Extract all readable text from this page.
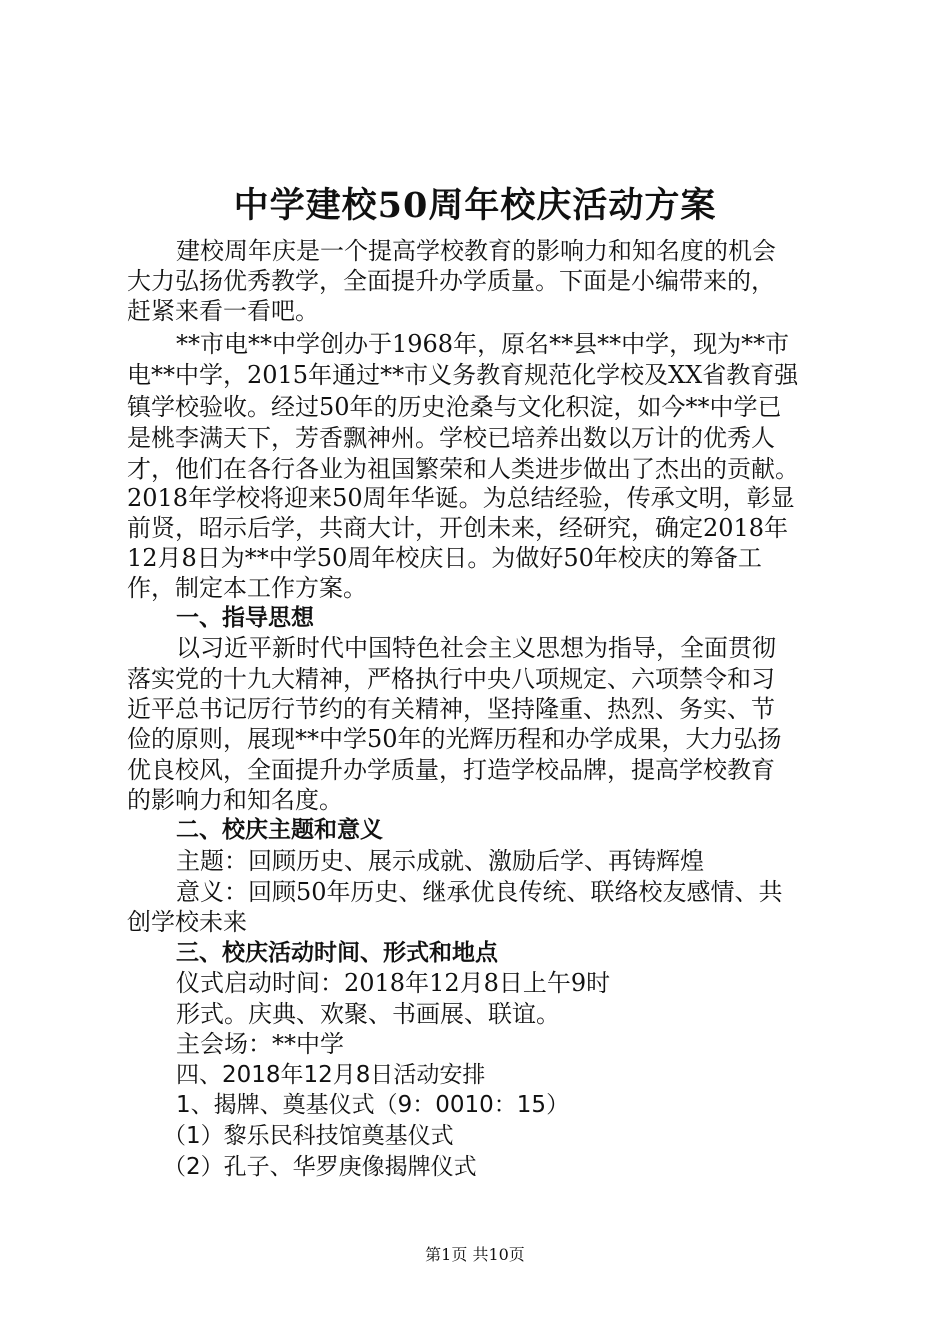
中学建校50周年校庆活动方案

建校周年庆是一个提高学校教育的影响力和知名度的机会

大力弘扬优秀教学，全面提升办学质量。下面是小编带来的，

赶紧来看一看吧。

**市电**中学创办于1968年，原名**县**中学，现为**市

电**中学，2015年通过**市义务教育规范化学校及XX省教育强

镇学校验收。经过50年的历史沧桑与文化积淀，如今**中学已

是桃李满天下，芳香飘神州。学校已培养出数以万计的优秀人

才，他们在各行各业为祖国繁荣和人类进步做出了杰出的贡献。

2018年学校将迎来50周年华诞。为总结经验，传承文明，彰显

前贤，昭示后学，共商大计，开创未来，经研究，确定2018年

12月8日为**中学50周年校庆日。为做好50年校庆的筹备工

作，制定本工作方案。

一、指导思想

以习近平新时代中国特色社会主义思想为指导，全面贯彻

落实党的十九大精神，严格执行中央八项规定、六项禁令和习

近平总书记厉行节约的有关精神，坚持隆重、热烈、务实、节

俭的原则，展现**中学50年的光辉历程和办学成果，大力弘扬

优良校风，全面提升办学质量，打造学校品牌，提高学校教育

的影响力和知名度。

二、校庆主题和意义

主题：回顾历史、展示成就、激励后学、再铸辉煌

意义：回顾50年历史、继承优良传统、联络校友感情、共

创学校未来

三、校庆活动时间、形式和地点

仪式启动时间：2018年12月8日上午9时

形式。庆典、欢聚、书画展、联谊。

主会场：**中学

四、2018年12月8日活动安排

1、揭牌、奠基仪式（9：0010：15）

（1）黎乐民科技馆奠基仪式

（2）孔子、华罗庚像揭牌仪式

第1页 共10页
